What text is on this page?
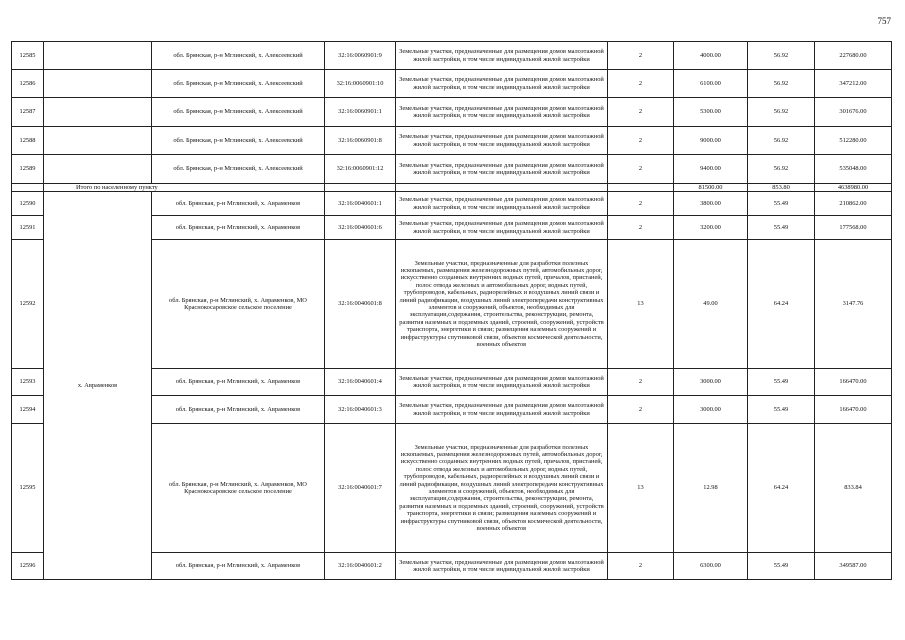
757
12585		обл. Брянская, р-н Мглинский, х. Алексеевский	32:16:0060901:9	Земельные участки, предназначенные для размещения домов малоэтажной жилой застройки, в том числе индивидуальной жилой застройки	2	4000.00	56.92	227680.00
12586		обл. Брянская, р-н Мглинский, х. Алексеевский	32:16:0060901:10	Земельные участки, предназначенные для размещения домов малоэтажной жилой застройки, в том числе индивидуальной жилой застройки	2	6100.00	56.92	347212.00
12587		обл. Брянская, р-н Мглинский, х. Алексеевский	32:16:0060901:1	Земельные участки, предназначенные для размещения домов малоэтажной жилой застройки, в том числе индивидуальной жилой застройки	2	5300.00	56.92	301676.00
12588		обл. Брянская, р-н Мглинский, х. Алексеевский	32:16:0060901:8	Земельные участки, предназначенные для размещения домов малоэтажной жилой застройки, в том числе индивидуальной жилой застройки	2	9000.00	56.92	512280.00
12589		обл. Брянская, р-н Мглинский, х. Алексеевский	32:16:0060901:12	Земельные участки, предназначенные для размещения домов малоэтажной жилой застройки, в том числе индивидуальной жилой застройки	2	9400.00	56.92	535048.00
	Итого по населенному пункту					81500.00	853.80	4638980.00
12590	х. Авраменков	обл. Брянская, р-н Мглинский, х. Авраменков	32:16:0040601:1	Земельные участки, предназначенные для размещения домов малоэтажной жилой застройки, в том числе индивидуальной жилой застройки	2	3800.00	55.49	210862.00
12591		обл. Брянская, р-н Мглинский, х. Авраменков	32:16:0040601:6	Земельные участки, предназначенные для размещения домов малоэтажной жилой застройки, в том числе индивидуальной жилой застройки	2	3200.00	55.49	177568.00
12592		обл. Брянская, р-н Мглинский, х. Авраменков, МО Краснокосаровское сельское поселение	32:16:0040601:8	Земельные участки, предназначенные для разработки полезных ископаемых, размещения железнодорожных путей, автомобильных дорог, искусственно созданных внутренних водных путей, причалов, пристаней, полос отвода железных и автомобильных дорог, водных путей, трубопроводов, кабельных, радиорелейных и воздушных линий связи и линий радиофикации, воздушных линий электропередачи конструктивных элементов и сооружений, объектов, необходимых для эксплуатации,содержания, строительства, реконструкции, ремонта, развития наземных и подземных зданий, строений, сооружений, устройств транспорта, энергетики и связи; размещения наземных сооружений и инфраструктуры спутниковой связи, объектов космической деятельности, военных объектов	13	49.00	64.24	3147.76
12593		обл. Брянская, р-н Мглинский, х. Авраменков	32:16:0040601:4	Земельные участки, предназначенные для размещения домов малоэтажной жилой застройки, в том числе индивидуальной жилой застройки	2	3000.00	55.49	166470.00
12594		обл. Брянская, р-н Мглинский, х. Авраменков	32:16:0040601:3	Земельные участки, предназначенные для размещения домов малоэтажной жилой застройки, в том числе индивидуальной жилой застройки	2	3000.00	55.49	166470.00
12595		обл. Брянская, р-н Мглинский, х. Авраменков, МО Краснокосаровское сельское поселение	32:16:0040601:7	Земельные участки, предназначенные для разработки полезных ископаемых, размещения железнодорожных путей, автомобильных дорог, искусственно созданных внутренних водных путей, причалов, пристаней, полос отвода железных и автомобильных дорог, водных путей, трубопроводов, кабельных, радиорелейных и воздушных линий связи и линий радиофикации, воздушных линий электропередачи конструктивных элементов и сооружений, объектов, необходимых для эксплуатации,содержания, строительства, реконструкции, ремонта, развития наземных и подземных зданий, строений, сооружений, устройств транспорта, энергетики и связи; размещения наземных сооружений и инфраструктуры спутниковой связи, объектов космической деятельности, военных объектов	13	12.98	64.24	833.84
12596		обл. Брянская, р-н Мглинский, х. Авраменков	32:16:0040601:2	Земельные участки, предназначенные для размещения домов малоэтажной жилой застройки, в том числе индивидуальной жилой застройки	2	6300.00	55.49	349587.00
